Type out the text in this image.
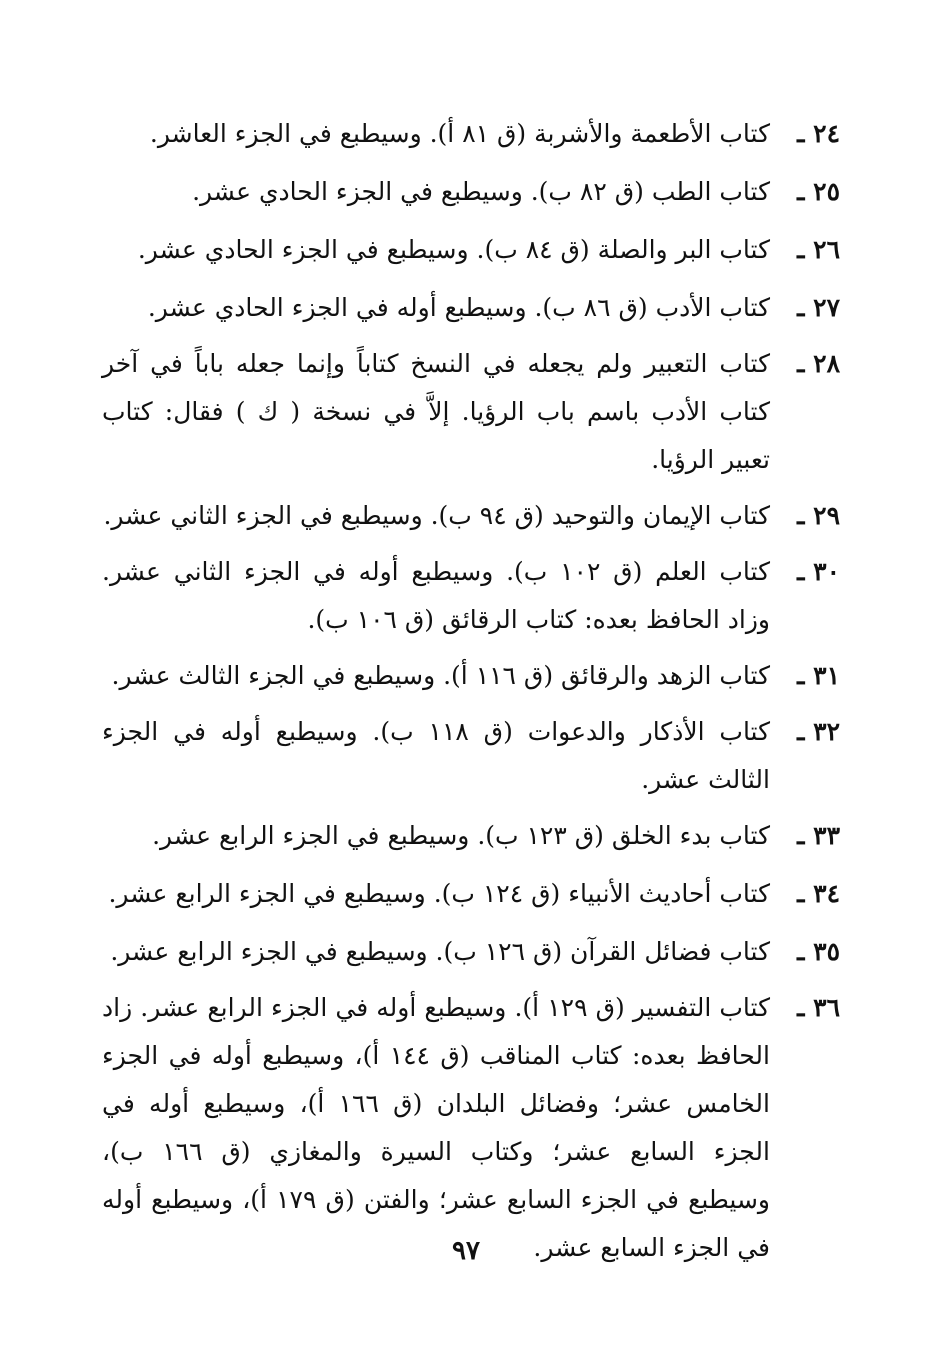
٢٤ ـ
كتاب الأطعمة والأشربة (ق ٨١ أ). وسيطبع في الجزء العاشر.
٢٥ ـ
كتاب الطب (ق ٨٢ ب). وسيطبع في الجزء الحادي عشر.
٢٦ ـ
كتاب البر والصلة (ق ٨٤ ب). وسيطبع في الجزء الحادي عشر.
٢٧ ـ
كتاب الأدب (ق ٨٦ ب). وسيطبع أوله في الجزء الحادي عشر.
٢٨ ـ
كتاب التعبير ولم يجعله في النسخ كتاباً وإنما جعله باباً في آخر كتاب الأدب باسم باب الرؤيا. إلاَّ في نسخة ( ك ) فقال: كتاب تعبير الرؤيا.
٢٩ ـ
كتاب الإيمان والتوحيد (ق ٩٤ ب). وسيطبع في الجزء الثاني عشر.
٣٠ ـ
كتاب العلم (ق ١٠٢ ب). وسيطبع أوله في الجزء الثاني عشر. وزاد الحافظ بعده: كتاب الرقائق (ق ١٠٦ ب).
٣١ ـ
كتاب الزهد والرقائق (ق ١١٦ أ). وسيطبع في الجزء الثالث عشر.
٣٢ ـ
كتاب الأذكار والدعوات (ق ١١٨ ب). وسيطبع أوله في الجزء الثالث عشر.
٣٣ ـ
كتاب بدء الخلق (ق ١٢٣ ب). وسيطبع في الجزء الرابع عشر.
٣٤ ـ
كتاب أحاديث الأنبياء (ق ١٢٤ ب). وسيطبع في الجزء الرابع عشر.
٣٥ ـ
كتاب فضائل القرآن (ق ١٢٦ ب). وسيطبع في الجزء الرابع عشر.
٣٦ ـ
كتاب التفسير (ق ١٢٩ أ). وسيطبع أوله في الجزء الرابع عشر. زاد الحافظ بعده: كتاب المناقب (ق ١٤٤ أ)، وسيطبع أوله في الجزء الخامس عشر؛ وفضائل البلدان (ق ١٦٦ أ)، وسيطبع أوله في الجزء السابع عشر؛ وكتاب السيرة والمغازي (ق ١٦٦ ب)، وسيطبع في الجزء السابع عشر؛ والفتن (ق ١٧٩ أ)، وسيطبع أوله في الجزء السابع عشر.
٩٧
